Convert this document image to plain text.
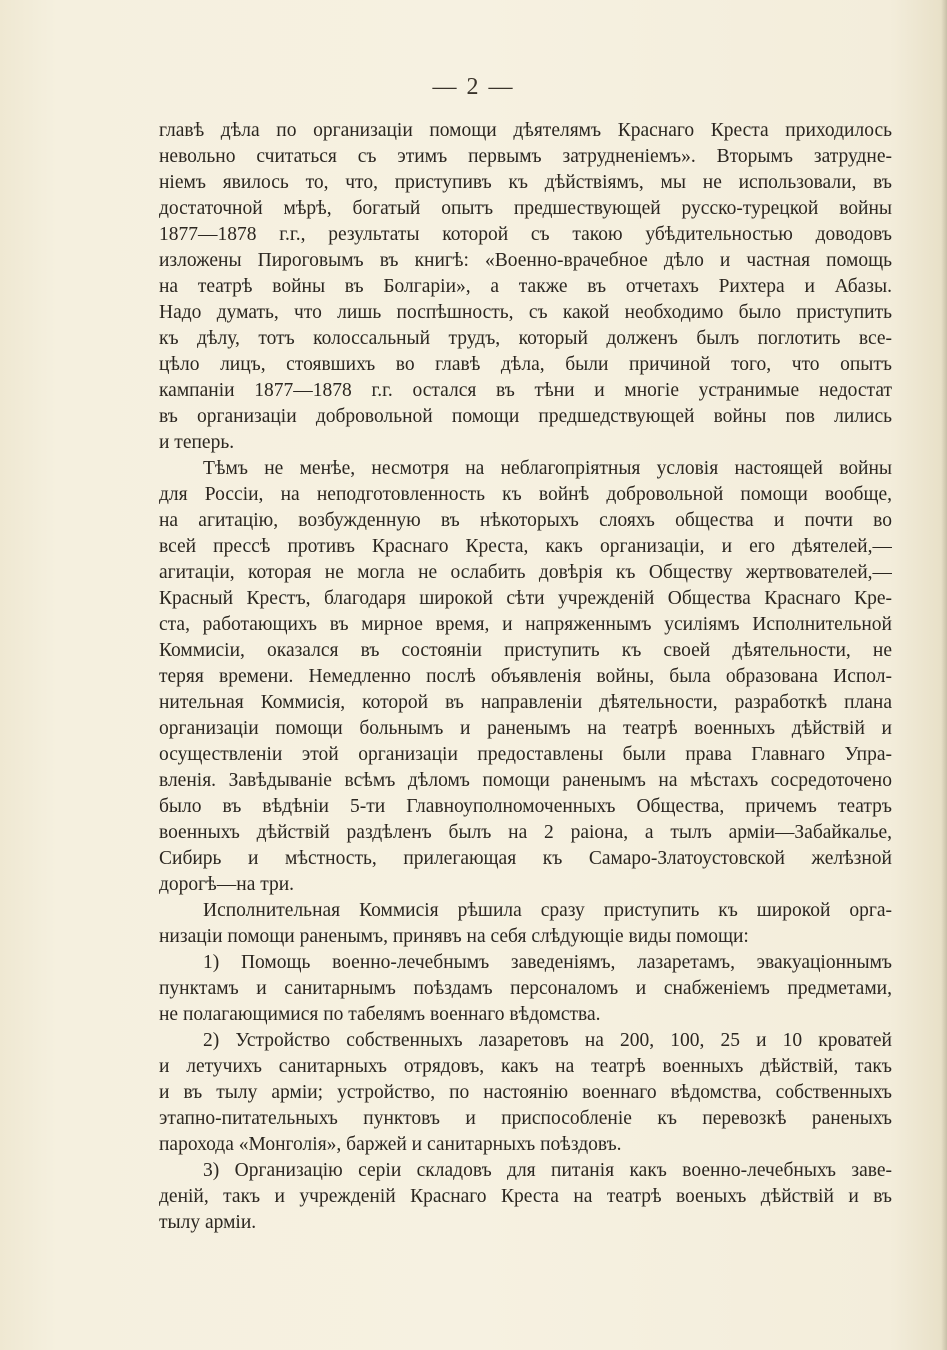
— 2 —
главѣ дѣла по организаціи помощи дѣятелямъ Краснаго Креста приходилось
невольно считаться съ этимъ первымъ затрудненіемъ». Вторымъ затрудне-
ніемъ явилось то, что, приступивъ къ дѣйствіямъ, мы не использовали, въ
достаточной мѣрѣ, богатый опытъ предшествующей русско-турецкой войны
1877—1878 г.г., результаты которой съ такою убѣдительностью доводовъ
изложены Пироговымъ въ книгѣ: «Военно-врачебное дѣло и частная помощь
на театрѣ войны въ Болгаріи», а также въ отчетахъ Рихтера и Абазы.
Надо думать, что лишь поспѣшность, съ какой необходимо было приступить
къ дѣлу, тотъ колоссальный трудъ, который долженъ былъ поглотить все-
цѣло лицъ, стоявшихъ во главѣ дѣла, были причиной того, что опытъ
кампаніи 1877—1878 г.г. остался въ тѣни и многіе устранимые недостат
въ организаціи добровольной помощи предшедствующей войны пов лились
и теперь.
Тѣмъ не менѣе, несмотря на неблагопріятныя условія настоящей войны
для Россіи, на неподготовленность къ войнѣ добровольной помощи вообще,
на агитацію, возбужденную въ нѣкоторыхъ слояхъ общества и почти во
всей прессѣ противъ Краснаго Креста, какъ организаціи, и его дѣятелей,—
агитаціи, которая не могла не ослабить довѣрія къ Обществу жертвователей,—
Красный Крестъ, благодаря широкой сѣти учрежденій Общества Краснаго Кре-
ста, работающихъ въ мирное время, и напряженнымъ усиліямъ Исполнительной
Коммисіи, оказался въ состояніи приступить къ своей дѣятельности, не
теряя времени. Немедленно послѣ объявленія войны, была образована Испол-
нительная Коммисія, которой въ направленіи дѣятельности, разработкѣ плана
организаціи помощи больнымъ и раненымъ на театрѣ военныхъ дѣйствій и
осуществленіи этой организаціи предоставлены были права Главнаго Упра-
вленія. Завѣдываніе всѣмъ дѣломъ помощи раненымъ на мѣстахъ сосредоточено
было въ вѣдѣніи 5-ти Главноуполномоченныхъ Общества, причемъ театръ
военныхъ дѣйствій раздѣленъ былъ на 2 раіона, а тылъ арміи—Забайкалье,
Сибирь и мѣстность, прилегающая къ Самаро-Златоустовской желѣзной
дорогѣ—на три.
Исполнительная Коммисія рѣшила сразу приступить къ широкой орга-
низаціи помощи раненымъ, принявъ на себя слѣдующіе виды помощи:
1) Помощь военно-лечебнымъ заведеніямъ, лазаретамъ, эвакуаціоннымъ
пунктамъ и санитарнымъ поѣздамъ персоналомъ и снабженіемъ предметами,
не полагающимися по табелямъ военнаго вѣдомства.
2) Устройство собственныхъ лазаретовъ на 200, 100, 25 и 10 кроватей
и летучихъ санитарныхъ отрядовъ, какъ на театрѣ военныхъ дѣйствій, такъ
и въ тылу арміи; устройство, по настоянію военнаго вѣдомства, собственныхъ
этапно-питательныхъ пунктовъ и приспособленіе къ перевозкѣ раненыхъ
парохода «Монголія», баржей и санитарныхъ поѣздовъ.
3) Организацію серіи складовъ для питанія какъ военно-лечебныхъ заве-
деній, такъ и учрежденій Краснаго Креста на театрѣ военыхъ дѣйствій и въ
тылу арміи.
